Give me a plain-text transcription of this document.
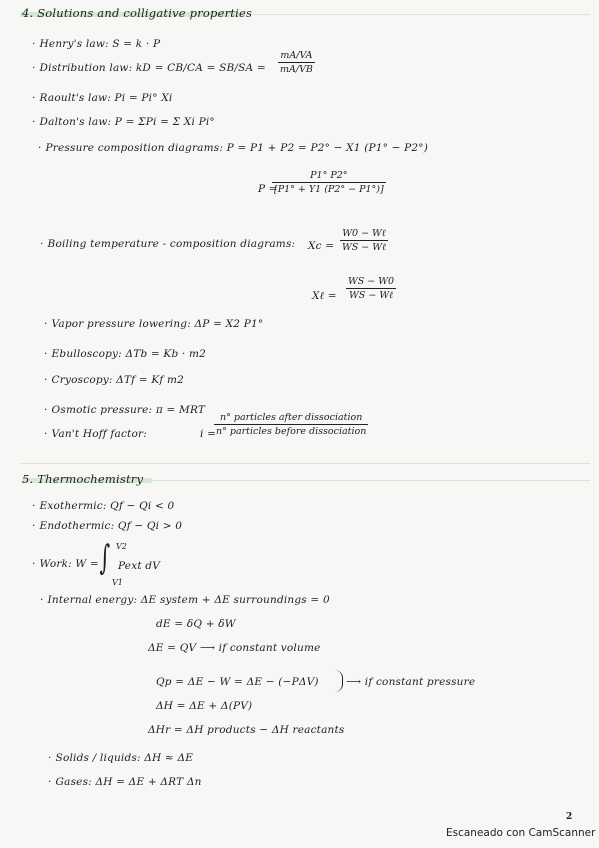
4. Solutions and colligative properties
· Henry's law: S = k · P
· Distribution law: kD = $CB/CA = SB/SA = \frac{mA/VA}{mA/VB}$
· Raoult's law: Pi = Pi° Xi
· Dalton's law: P = ΣPi = Σ Xi Pi°
· Pressure composition diagrams: P = P1 + P2 = P2° − X1 (P1° − P2°)
P =
$\frac{P1^\circ P2^\circ}{[P1^\circ + Y1 (P2^\circ - P1^\circ)]}$
· Boiling temperature - composition diagrams: Xc =
W0 − Wℓ
WS − Wℓ
Xℓ =
WS − W0
WS − Wℓ
· Vapor pressure lowering: ΔP = X2 P1°
· Ebulloscopy: ΔTb = Kb · m2
· Cryoscopy: ΔTf = Kf m2
· Osmotic pressure: π = MRT
· Van't Hoff factor:	i =
n° particles after dissociation
n° particles before dissociation
5. Thermochemistry
· Exothermic: Qf − Qi < 0
· Endothermic: Qf − Qi > 0
· Work: W = ∫ V2
V1
Pext dV
· Internal energy: ΔE system + ΔE surroundings = 0
dE = δQ + δW
ΔE = QV ⟶ if constant volume
Qp = ΔE − W = ΔE − (−PΔV)	⟶ if constant pressure
ΔH = ΔE + Δ(PV)
ΔHr = ΔH products − ΔH reactants
· Solids / liquids: ΔH ≈ ΔE
· Gases: ΔH = ΔE + ΔRT Δn
2
Escaneado con CamScanner
